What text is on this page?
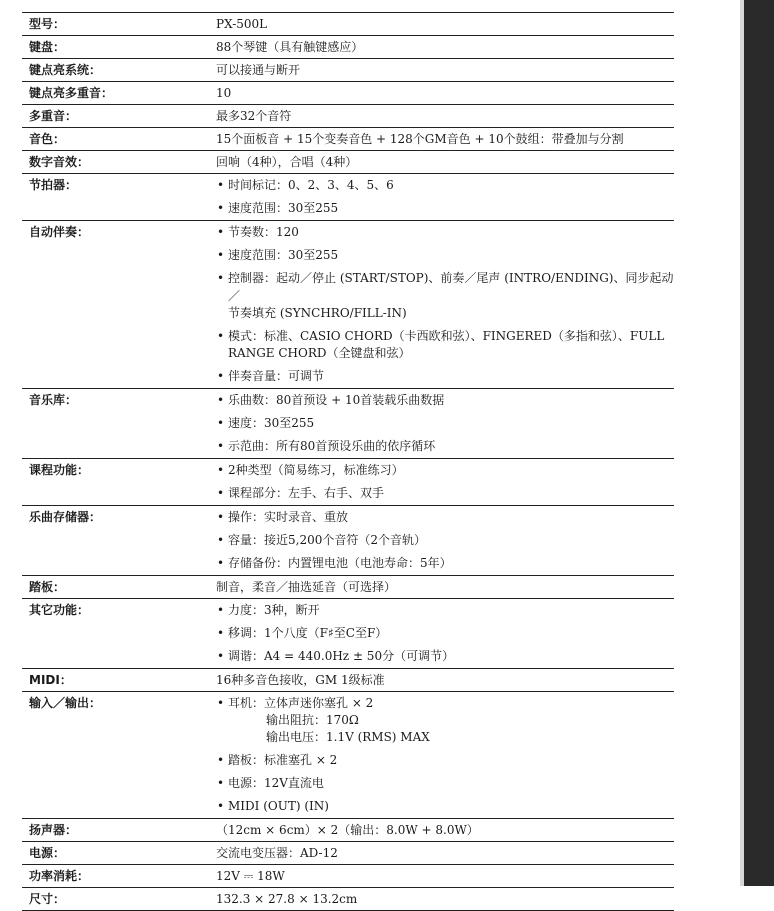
型号：	PX-500L
键盘：	88个琴键（具有触键感应）
键点亮系统：	可以接通与断开
键点亮多重音：	10
多重音：	最多32个音符
音色：	15个面板音 + 15个变奏音色 + 128个GM音色 + 10个鼓组：带叠加与分割
数字音效：	回响（4种），合唱（4种）
节拍器：	• 时间标记：0、2、3、4、5、6
• 速度范围：30至255
自动伴奏：	• 节奏数：120
• 速度范围：30至255
• 控制器：起动／停止 (START/STOP)、前奏／尾声 (INTRO/ENDING)、同步起动／
节奏填充 (SYNCHRO/FILL-IN)
• 模式：标准、CASIO CHORD（卡西欧和弦）、FINGERED（多指和弦）、FULL
RANGE CHORD（全键盘和弦）
• 伴奏音量：可调节
音乐库：	• 乐曲数：80首预设 + 10首装载乐曲数据
• 速度：30至255
• 示范曲：所有80首预设乐曲的依序循环
课程功能：	• 2种类型（简易练习，标准练习）
• 课程部分：左手、右手、双手
乐曲存储器：	• 操作：实时录音、重放
• 容量：接近5,200个音符（2个音轨）
• 存储备份：内置锂电池（电池寿命：5年）
踏板：	制音，柔音／抽选延音（可选择）
其它功能：	• 力度：3种，断开
• 移调：1个八度（F♯至C至F）
• 调谐：A4 = 440.0Hz ± 50分（可调节）
MIDI：	16种多音色接收，GM 1级标准
输入／输出：	• 耳机：立体声迷你塞孔 × 2
输出阻抗：170Ω
输出电压：1.1V (RMS) MAX
• 踏板：标准塞孔 × 2
• 电源：12V直流电
• MIDI (OUT) (IN)
扬声器：	（12cm × 6cm）× 2（输出：8.0W + 8.0W）
电源：	交流电变压器：AD-12
功率消耗：	12V ⎓ 18W
尺寸：	132.3 × 27.8 × 13.2cm
